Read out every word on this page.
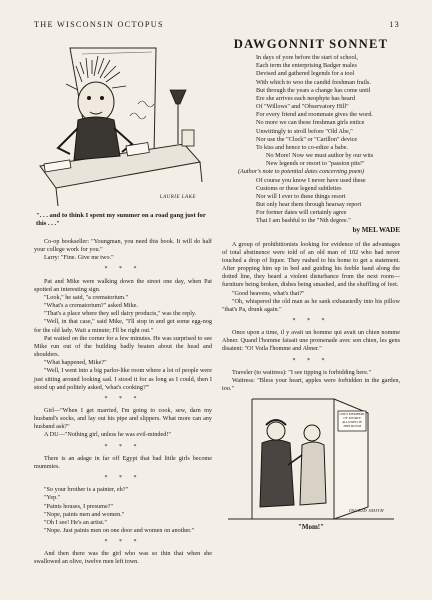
THE WISCONSIN OCTOPUS	13
LAURIE LAKE
". . . and to think I spent my summer on a road gang just for this . . ."

Co-op bookseller: "Youngman, you need this book. It will do half your college work for you."

Larry: "Fine. Give me two."

* * *

Pat and Mike were walking down the street one day, when Pat spotted an interesting sign.

"Look," he said, "a crematorium."

"What's a crematorium?" asked Mike.

"That's a place where they sell dairy products," was the reply.

"Well, in that case," said Mike, "I'll stop in and get some egg-nog for the old lady. Wait a minute; I'll be right out."

Pat waited on the corner for a few minutes. He was surprised to see Mike run out of the building badly beaten about the head and shoulders.

"What happened, Mike?"

"Well, I went into a big parlor-like room where a lot of people were just sitting around looking sad. I stood it for as long as I could, then I stood up and politely asked, 'what's cooking?'"

* * *

Girl—"When I get married, I'm going to cook, sew, darn my husband's socks, and lay out his pipe and slippers. What more can any husband ask?"

A DU—"Nothing girl, unless he was evil-minded!"

* * *

There is an adage in far off Egypt that bad little girls become mummies.

* * *

"So your brother is a painter, eh?"

"Yep."

"Paints houses, I presume?"

"Nope, paints men and women."

"Oh I see! He's an artist."

"Nope. Just paints men on one door and women on another."

* * *

And then there was the girl who was so thin that when she swallowed an olive, twelve men left town.

DAWGONNIT SONNET
In days of yore before the start of school,
Each term the enterprising Badger males
Devised and gathered legends for a tool
With which to woo the candid freshman frails.
But through the years a change has come until
Ere she arrives each neophyte has heard
Of "Willows" and "Observatory Hill"
For every friend and roommate gives the word.
No more we can these freshman girls entice
Unwittingly to stroll before "Old Abe,"
Nor use the "Clock" or "Carillon" device
To kiss and hence to co-edize a babe.
No More! Now we must author by our wits
New legends or resort to "passion pits!"
(Author's note to potential dates concerning poem)
Of course you know I never have used these
Customs or these legend subtleties
Nor will I ever to these things resort
But only hear them through hearsay report
For former dates will certainly agree
That I am bashful to the "Nth degree."
by MEL WADE

A group of prohibitionists looking for evidence of the advantages of total abstinence were told of an old man of 102 who had never touched a drop of liquor. They rushed to his home to get a statement. After propping him up in bed and guiding his feeble hand along the dotted line, they heard a violent disturbance from the next room—furniture being broken, dishes being smashed, and the shuffling of feet.

"Good heavens, what's that?"

"Oh, whispered the old man as he sank exhaustedly into his pillow "that's Pa, drunk again."

* * *

Once upon a time, il y avait un homme qui avait un chien nomme Abner. Quand l'homme faisait une promenade avec son chien, les gens disaient: "O! Voila l'homme and Abner."

* * *

Traveler (to waitress): "I see tipping is forbidding here."

Waitress: "Bless your heart, apples were forbidden in the garden, too."

ONLY MEMBERS OF SPORTY ALLOWED IN THIS ROOM
INGRID SMITH
"Mom!"
